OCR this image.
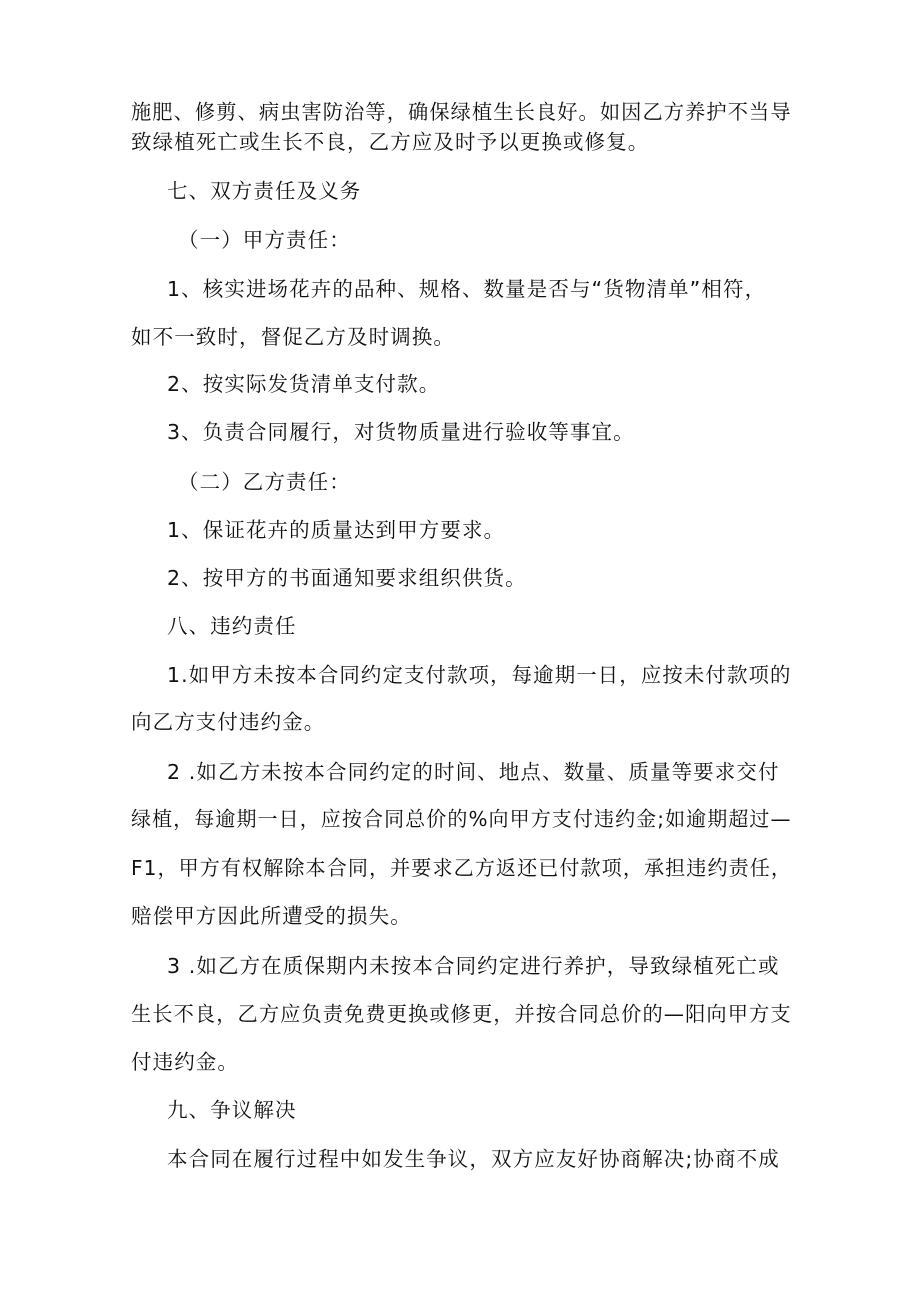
施肥、修剪、病虫害防治等，确保绿植生长良好。如因乙方养护不当导
致绿植死亡或生长不良，乙方应及时予以更换或修复。
七、双方责任及义务
（一）甲方责任：
1、核实进场花卉的品种、规格、数量是否与“货物清单”相符，
如不一致时，督促乙方及时调换。
2、按实际发货清单支付款。
3、负责合同履行，对货物质量进行验收等事宜。
（二）乙方责任：
1、保证花卉的质量达到甲方要求。
2、按甲方的书面通知要求组织供货。
八、违约责任
1.如甲方未按本合同约定支付款项，每逾期一日，应按未付款项的
向乙方支付违约金。
2 .如乙方未按本合同约定的时间、地点、数量、质量等要求交付
绿植，每逾期一日，应按合同总价的%向甲方支付违约金;如逾期超过—
F1，甲方有权解除本合同，并要求乙方返还已付款项，承担违约责任，
赔偿甲方因此所遭受的损失。
3 .如乙方在质保期内未按本合同约定进行养护，导致绿植死亡或
生长不良，乙方应负责免费更换或修更，并按合同总价的—阳向甲方支
付违约金。
九、争议解决
本合同在履行过程中如发生争议，双方应友好协商解决;协商不成
